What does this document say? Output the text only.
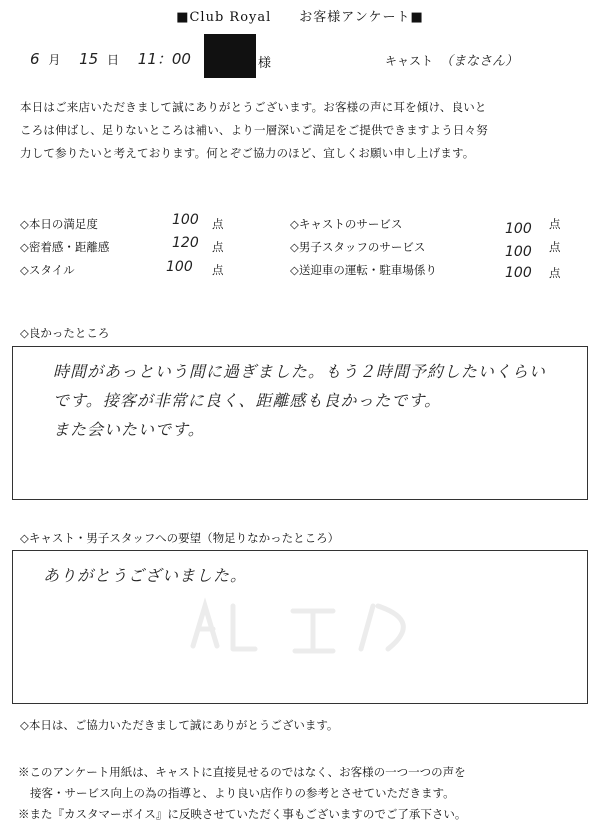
■Club Royal　　お客様アンケート■
6 月 15 日 11：00	様	キャスト （まなさん）
本日はご来店いただきまして誠にありがとうございます。お客様の声に耳を傾け、良いと
ころは伸ばし、足りないところは補い、より一層深いご満足をご提供できますよう日々努
力して参りたいと考えております。何とぞご協力のほど、宜しくお願い申し上げます。
◇本日の満足度	100 点
◇密着感・距離感	120 点
◇スタイル	100 点
◇キャストのサービス	100 点
◇男子スタッフのサービス	100 点
◇送迎車の運転・駐車場係り	100 点
◇良かったところ
時間があっという間に過ぎました。もう２時間予約したいくらい
です。接客が非常に良く、距離感も良かったです。
また会いたいです。
◇キャスト・男子スタッフへの要望（物足りなかったところ）
ありがとうございました。
◇本日は、ご協力いただきまして誠にありがとうございます。
※このアンケート用紙は、キャストに直接見せるのではなく、お客様の一つ一つの声を
接客・サービス向上の為の指導と、より良い店作りの参考とさせていただきます。
※また『カスタマーボイス』に反映させていただく事もございますのでご了承下さい。
